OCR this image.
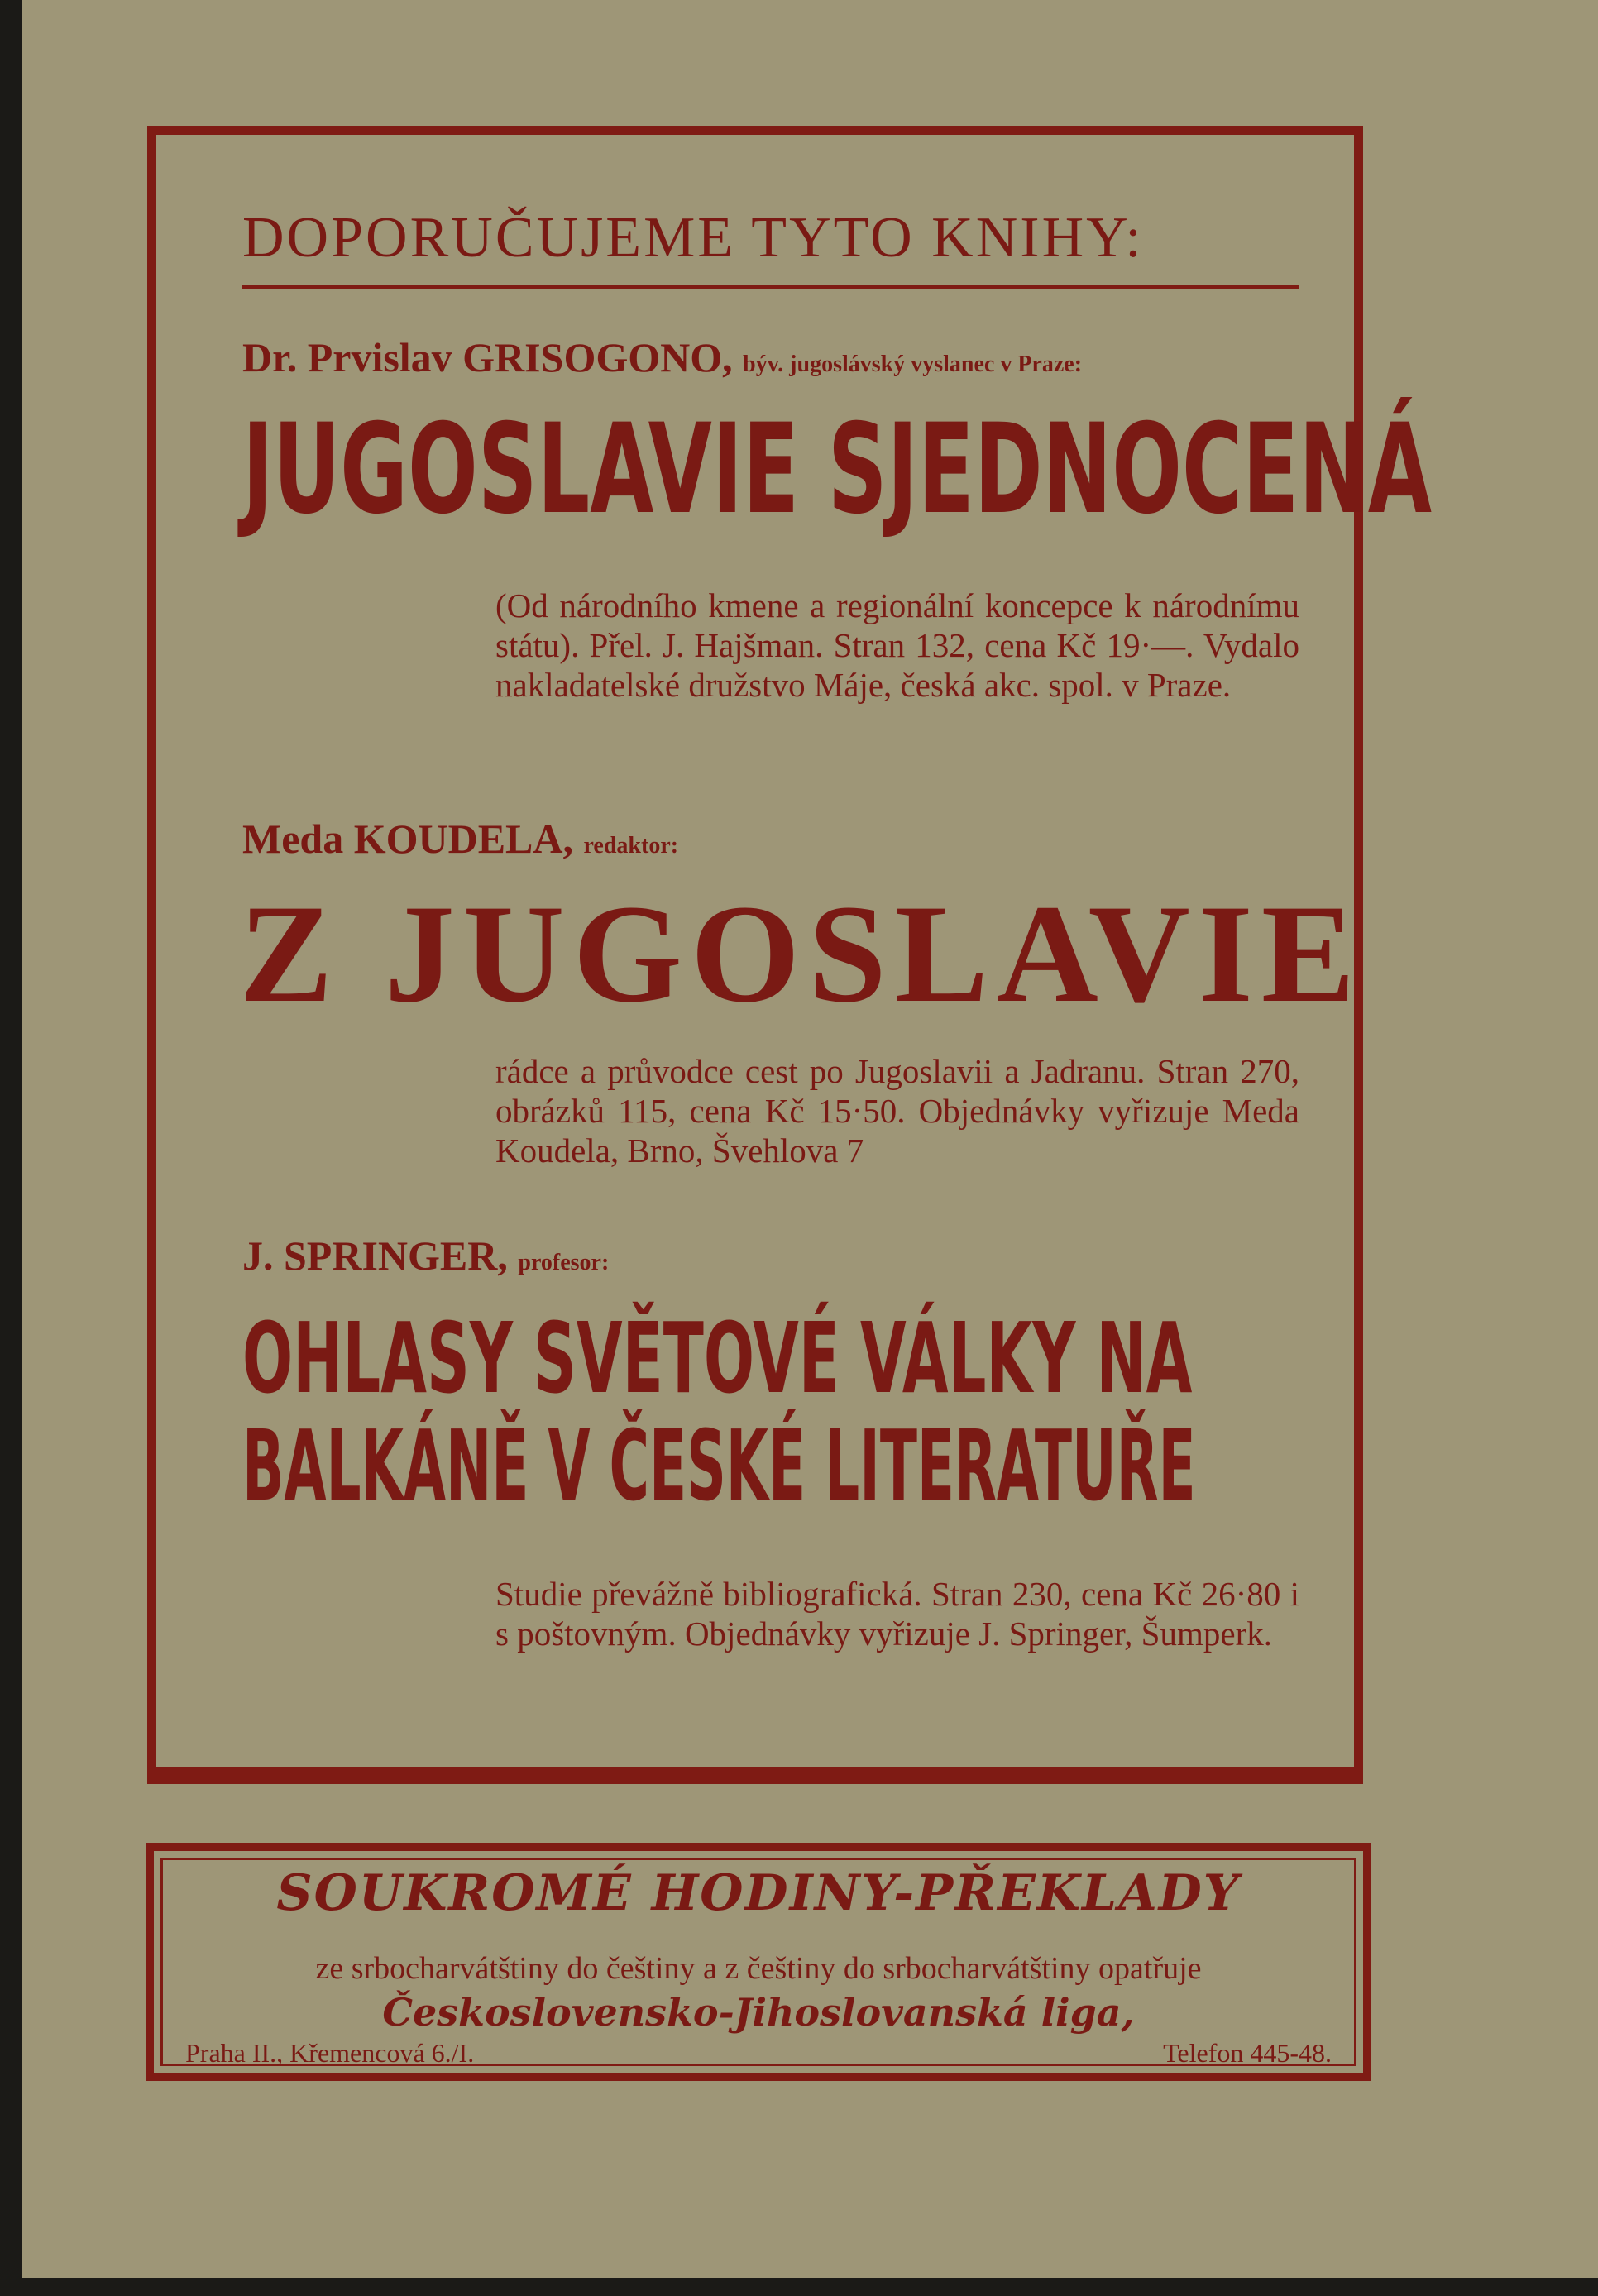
DOPORUČUJEME TYTO KNIHY:
Dr. Prvislav GRISOGONO, býv. jugoslávský vyslanec v Praze:
JUGOSLAVIE SJEDNOCENÁ
(Od národního kmene a regionální koncepce k národnímu státu). Přel. J. Hajšman. Stran 132, cena Kč 19·—. Vydalo nakladatelské družstvo Máje, česká akc. spol. v Praze.
Meda KOUDELA, redaktor:
Z JUGOSLAVIE
rádce a průvodce cest po Jugoslavii a Jadranu. Stran 270, obrázků 115, cena Kč 15·50. Objednávky vyřizuje Meda Koudela, Brno, Švehlova 7
J. SPRINGER, profesor:
OHLASY SVĚTOVÉ VÁLKY NA
BALKÁNĚ V ČESKÉ LITERATUŘE
Studie převážně bibliografická. Stran 230, cena Kč 26·80 i s poštovným. Objednávky vyřizuje J. Springer, Šumperk.
SOUKROMÉ HODINY-PŘEKLADY
ze srbocharvátštiny do češtiny a z češtiny do srbocharvátštiny opatřuje
Československo-Jihoslovanská liga,
Praha II., Křemencová 6./I.	Telefon 445-48.
